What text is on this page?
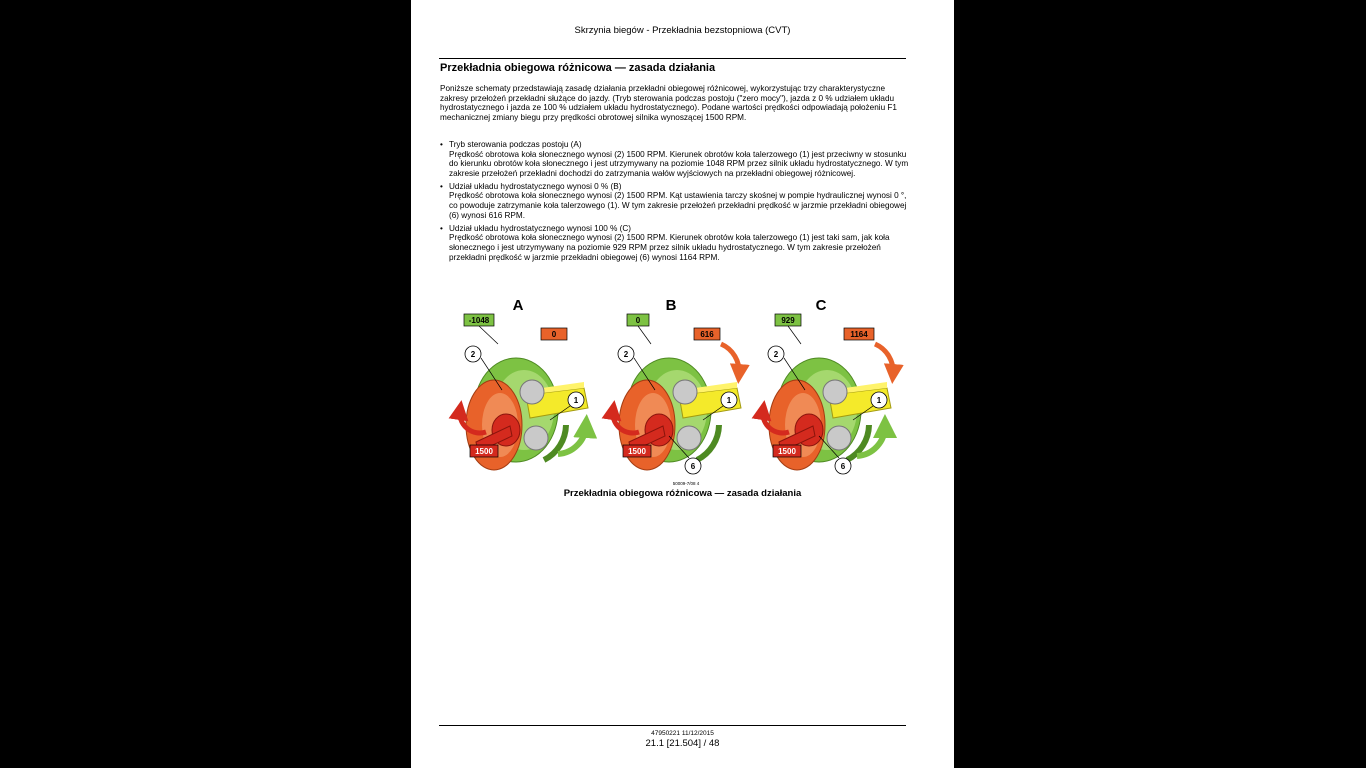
Skrzynia biegów - Przekładnia bezstopniowa (CVT)
Przekładnia obiegowa różnicowa — zasada działania
Poniższe schematy przedstawiają zasadę działania przekładni obiegowej różnicowej, wykorzystując trzy charakterystyczne zakresy przełożeń przekładni służące do jazdy. (Tryb sterowania podczas postoju ("zero mocy"), jazda z 0 % udziałem układu hydrostatycznego i jazda ze 100 % udziałem układu hydrostatycznego). Podane wartości prędkości odpowiadają położeniu F1 mechanicznej zmiany biegu przy prędkości obrotowej silnika wynoszącej 1500 RPM.
• Tryb sterowania podczas postoju (A)
Prędkość obrotowa koła słonecznego wynosi (2) 1500 RPM. Kierunek obrotów koła talerzowego (1) jest przeciwny w stosunku do kierunku obrotów koła słonecznego i jest utrzymywany na poziomie 1048 RPM przez silnik układu hydrostatycznego. W tym zakresie przełożeń przekładni dochodzi do zatrzymania wałów wyjściowych na przekładni obiegowej różnicowej.
• Udział układu hydrostatycznego wynosi 0 % (B)
Prędkość obrotowa koła słonecznego wynosi (2) 1500 RPM. Kąt ustawienia tarczy skośnej w pompie hydraulicznej wynosi 0 °, co powoduje zatrzymanie koła talerzowego (1). W tym zakresie przełożeń przekładni prędkość w jarzmie przekładni obiegowej (6) wynosi 616 RPM.
• Udział układu hydrostatycznego wynosi 100 % (C)
Prędkość obrotowa koła słonecznego wynosi (2) 1500 RPM. Kierunek obrotów koła talerzowego (1) jest taki sam, jak koła słonecznego i jest utrzymywany na poziomie 929 RPM przez silnik układu hydrostatycznego. W tym zakresie przełożeń przekładni prędkość w jarzmie przekładni obiegowej (6) wynosi 1164 RPM.
A
-1048
0
1500
2
1
B
0
616
1500
2
1
6
C
929
1164
1500
2
1
6
50009-7/08 4
Przekładnia obiegowa różnicowa — zasada działania
47950221 11/12/2015
21.1 [21.504] / 48
